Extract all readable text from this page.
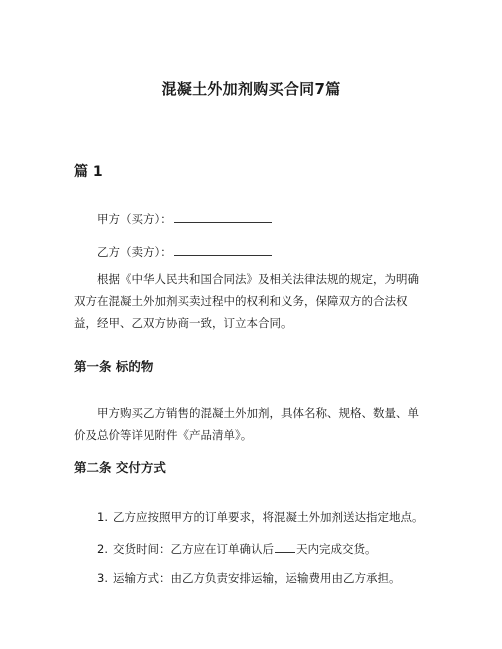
混凝土外加剂购买合同7篇
篇 1
甲方（买方）：
乙方（卖方）：
根据《中华人民共和国合同法》及相关法律法规的规定，为明确双方在混凝土外加剂买卖过程中的权利和义务，保障双方的合法权益，经甲、乙双方协商一致，订立本合同。
第一条 标的物
甲方购买乙方销售的混凝土外加剂，具体名称、规格、数量、单价及总价等详见附件《产品清单》。
第二条 交付方式
1. 乙方应按照甲方的订单要求，将混凝土外加剂送达指定地点。
2. 交货时间：乙方应在订单确认后 天内完成交货。
3. 运输方式：由乙方负责安排运输，运输费用由乙方承担。
